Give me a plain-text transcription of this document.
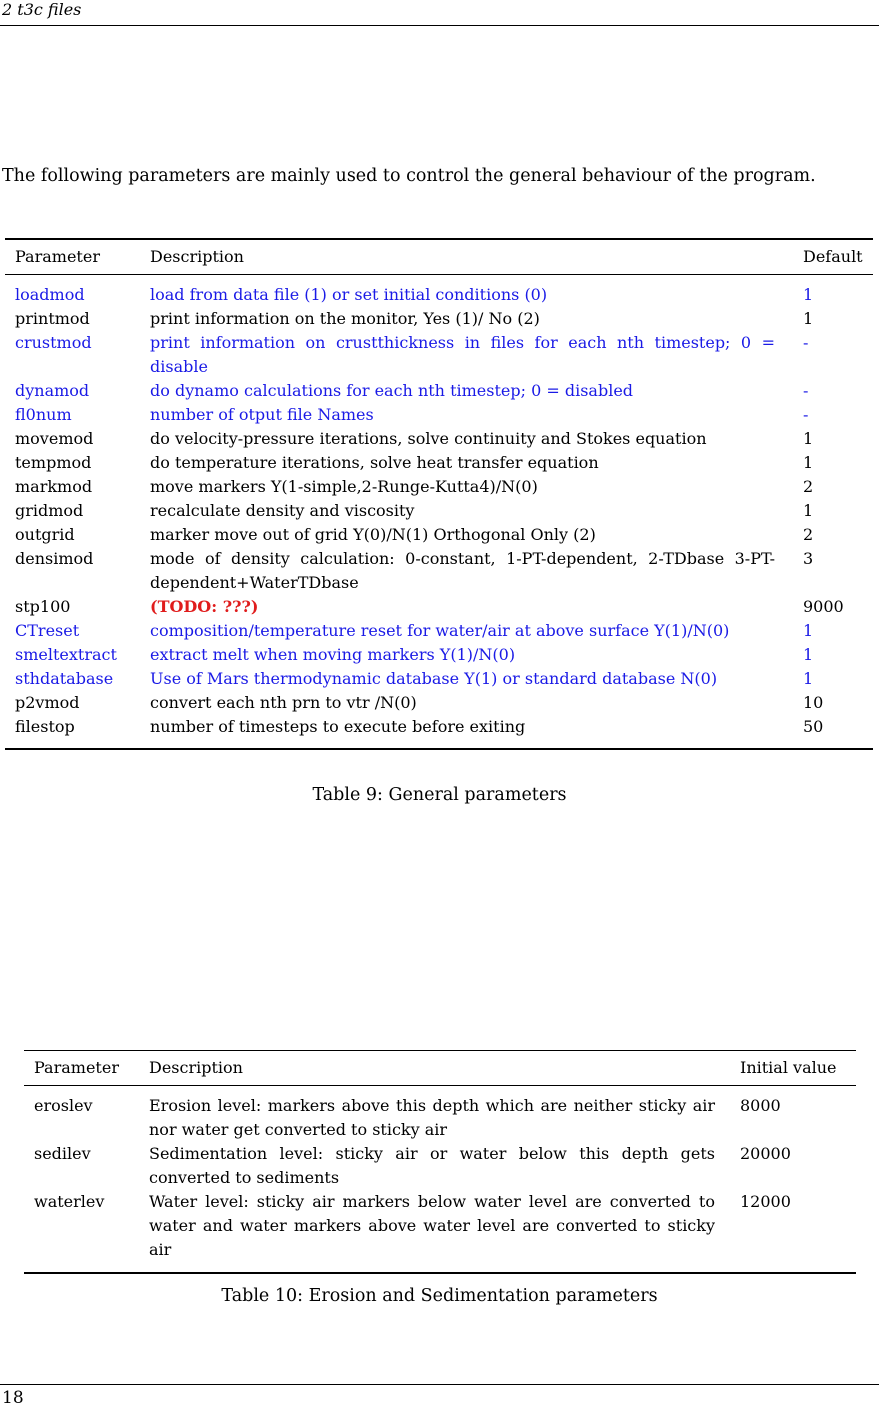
2 t3c files
The following parameters are mainly used to control the general behaviour of the program.
Parameter	Description	Default
loadmod	load from data file (1) or set initial conditions (0)	1
printmod	print information on the monitor, Yes (1)/ No (2)	1
crustmod	print information on crustthickness in files for each nth timestep; 0 = disable	-
dynamod	do dynamo calculations for each nth timestep; 0 = disabled	-
fl0num	number of otput file Names	-
movemod	do velocity-pressure iterations, solve continuity and Stokes equation	1
tempmod	do temperature iterations, solve heat transfer equation	1
markmod	move markers Y(1-simple,2-Runge-Kutta4)/N(0)	2
gridmod	recalculate density and viscosity	1
outgrid	marker move out of grid Y(0)/N(1) Orthogonal Only (2)	2
densimod	mode of density calculation: 0-constant, 1-PT-dependent, 2-TDbase 3-PT-dependent+WaterTDbase	3
stp100	(TODO: ???)	9000
CTreset	composition/temperature reset for water/air at above surface Y(1)/N(0)	1
smeltextract	extract melt when moving markers Y(1)/N(0)	1
sthdatabase	Use of Mars thermodynamic database Y(1) or standard database N(0)	1
p2vmod	convert each nth prn to vtr /N(0)	10
filestop	number of timesteps to execute before exiting	50
Table 9: General parameters
Parameter	Description	Initial value
eroslev	Erosion level: markers above this depth which are neither sticky air nor water get converted to sticky air	8000
sedilev	Sedimentation level: sticky air or water below this depth gets converted to sediments	20000
waterlev	Water level: sticky air markers below water level are converted to water and water markers above water level are converted to sticky air	12000
Table 10: Erosion and Sedimentation parameters
18
